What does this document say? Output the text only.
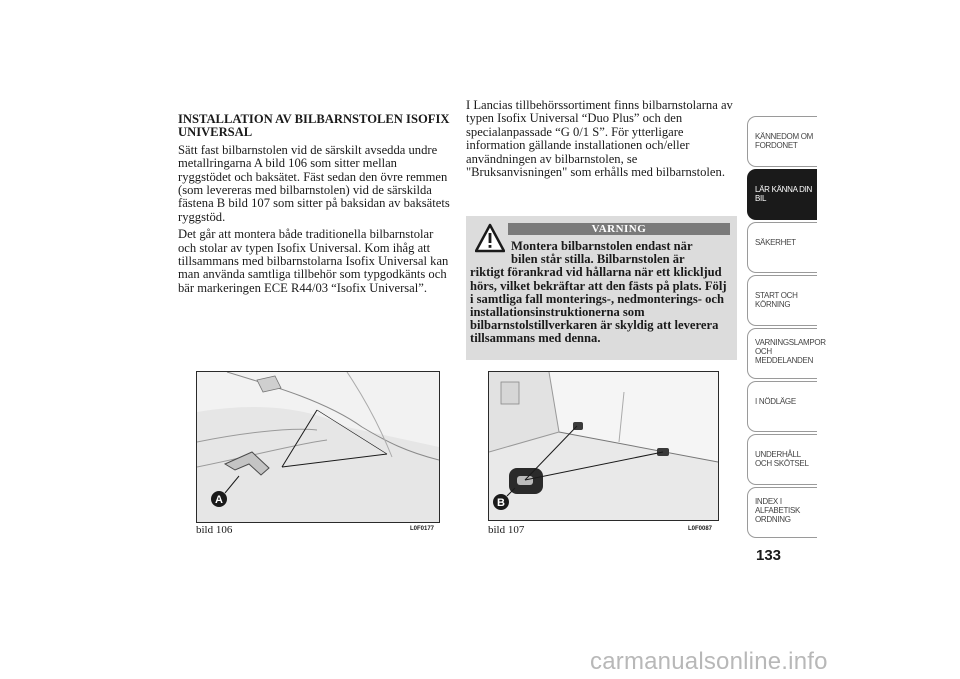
INSTALLATION AV BILBARNSTOLEN ISOFIX UNIVERSAL

Sätt fast bilbarnstolen vid de särskilt avsedda undre metallringarna A bild 106 som sitter mellan ryggstödet och baksätet. Fäst sedan den övre remmen (som levereras med bilbarnstolen) vid de särskilda fästena B bild 107 som sitter på baksidan av baksätets ryggstöd.

Det går att montera både traditionella bilbarnstolar och stolar av typen Isofix Universal. Kom ihåg att tillsammans med bilbarnstolarna Isofix Universal kan man använda samtliga tillbehör som typgodkänts och bär markeringen ECE R44/03 “Isofix Universal”.

I Lancias tillbehörssortiment finns bilbarnstolarna av typen Isofix Universal “Duo Plus” och den specialanpassade “G 0/1 S”. För ytterligare information gällande installationen och/eller användningen av bilbarnstolen, se "Bruksanvisningen" som erhålls med bilbarnstolen.

VARNING
Montera bilbarnstolen endast när
bilen står stilla. Bilbarnstolen är
riktigt förankrad vid hållarna när ett klickljud hörs, vilket bekräftar att den fästs på plats. Följ i samtliga fall monterings-, nedmonterings- och installationsinstruktionerna som bilbarnstolstillverkaren är skyldig att leverera tillsammans med denna.
A
bild 106	L0F0177
B
bild 107	L0F0087
KÄNNEDOM OM FORDONET
LÄR KÄNNA DIN BIL
SÄKERHET
START OCH KÖRNING
VARNINGSLAMPOR OCH MEDDELANDEN
I NÖDLÄGE
UNDERHÅLL OCH SKÖTSEL
INDEX I ALFABETISK ORDNING
133
carmanualsonline.info
